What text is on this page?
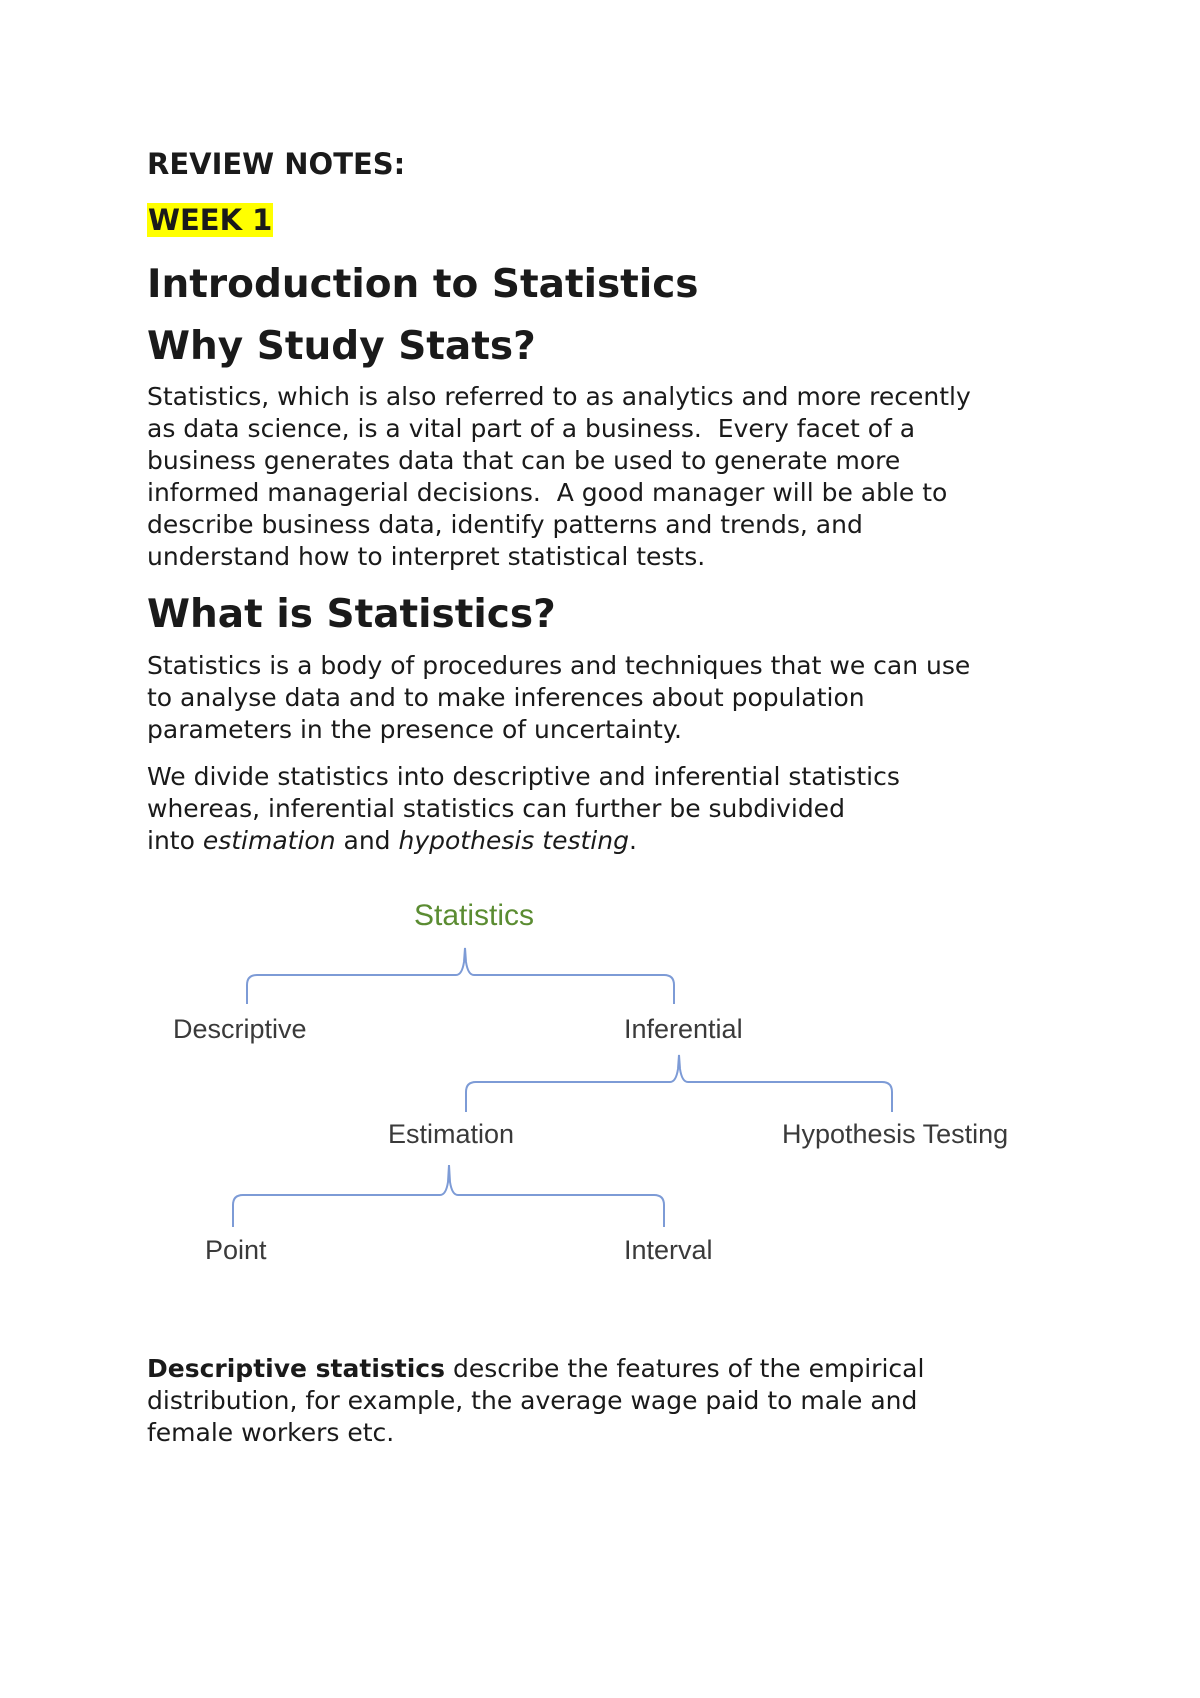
REVIEW NOTES:

WEEK 1

Introduction to Statistics
Why Study Stats?

Statistics, which is also referred to as analytics and more recently
as data science, is a vital part of a business.  Every facet of a
business generates data that can be used to generate more
informed managerial decisions.  A good manager will be able to
describe business data, identify patterns and trends, and
understand how to interpret statistical tests.

What is Statistics?

Statistics is a body of procedures and techniques that we can use
to analyse data and to make inferences about population
parameters in the presence of uncertainty.

We divide statistics into descriptive and inferential statistics
whereas, inferential statistics can further be subdivided
into estimation and hypothesis testing.

Descriptive statistics describe the features of the empirical
distribution, for example, the average wage paid to male and
female workers etc.

Statistics
Descriptive	Inferential
Estimation	Hypothesis Testing
Point	Interval
